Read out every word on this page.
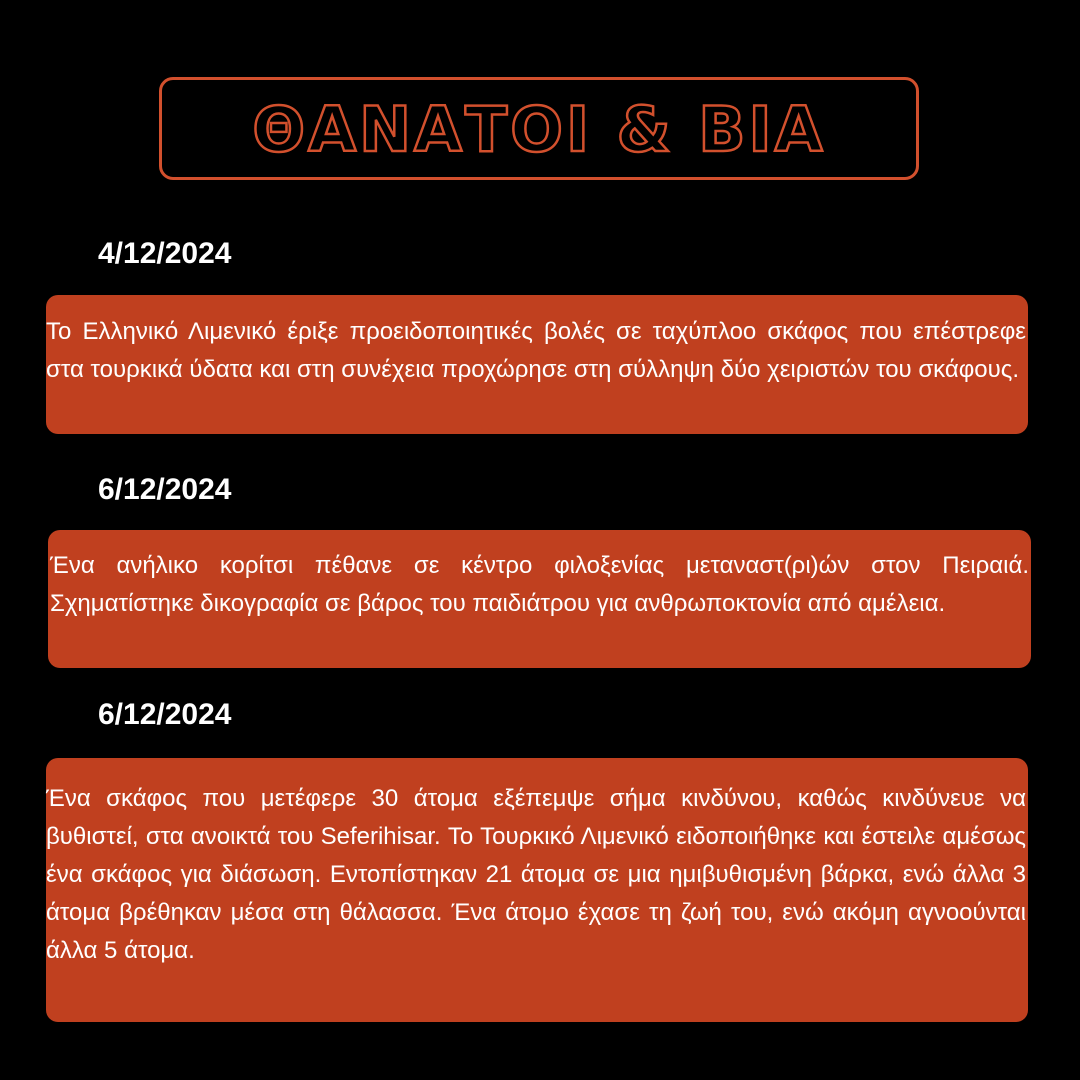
ΘΑΝΑΤΟΙ & ΒΙΑ
4/12/2024

Το Ελληνικό Λιμενικό έριξε προειδοποιητικές βολές σε ταχύπλοο σκάφος που επέστρεφε στα τουρκικά ύδατα και στη συνέχεια προχώρησε στη σύλληψη δύο χειριστών του σκάφους.

6/12/2024

Ένα ανήλικο κορίτσι πέθανε σε κέντρο φιλοξενίας μεταναστ(ρι)ών στον Πειραιά. Σχηματίστηκε δικογραφία σε βάρος του παιδιάτρου για ανθρωποκτονία από αμέλεια.

6/12/2024

Ένα σκάφος που μετέφερε 30 άτομα εξέπεμψε σήμα κινδύνου, καθώς κινδύνευε να βυθιστεί, στα ανοικτά του Seferihisar. Το Τουρκικό Λιμενικό ειδοποιήθηκε και έστειλε αμέσως ένα σκάφος για διάσωση. Εντοπίστηκαν 21 άτομα σε μια ημιβυθισμένη βάρκα, ενώ άλλα 3 άτομα βρέθηκαν μέσα στη θάλασσα. Ένα άτομο έχασε τη ζωή του, ενώ ακόμη αγνοούνται άλλα 5 άτομα.
